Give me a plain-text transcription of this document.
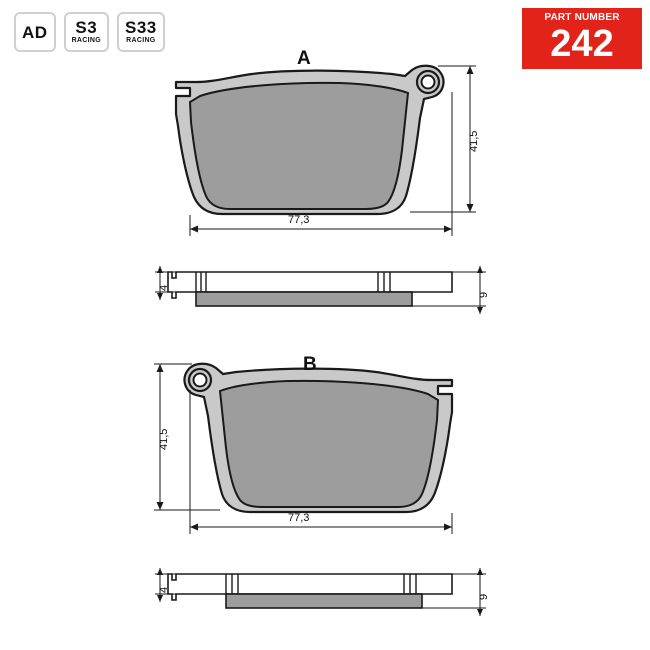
AD S3
RACING
S33
RACING
PART NUMBER
242
A
B
41,5
77,3
4
9
41,5
77,3
4
9
